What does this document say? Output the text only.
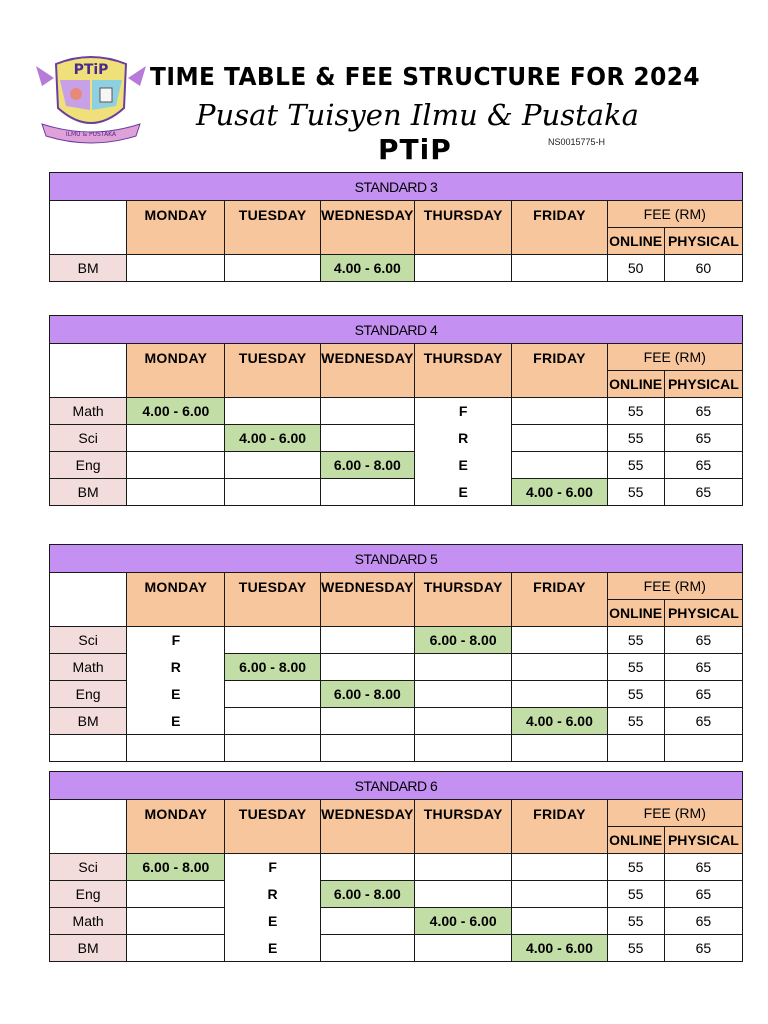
PTiP
ILMU & PUSTAKA
TIME TABLE & FEE STRUCTURE FOR 2024
Pusat Tuisyen Ilmu & Pustaka
PTiP	NS0015775-H
STANDARD 3							
	MONDAY	TUESDAY	WEDNESDAY	THURSDAY	FRIDAY	FEE (RM)	
						ONLINE	PHYSICAL
BM			4.00 - 6.00			50	60
STANDARD 4							
	MONDAY	TUESDAY	WEDNESDAY	THURSDAY	FRIDAY	FEE (RM)	
						ONLINE	PHYSICAL
Math	4.00 - 6.00			F		55	65
Sci		4.00 - 6.00		R		55	65
Eng			6.00 - 8.00	E		55	65
BM				E	4.00 - 6.00	55	65
STANDARD 5							
	MONDAY	TUESDAY	WEDNESDAY	THURSDAY	FRIDAY	FEE (RM)	
						ONLINE	PHYSICAL
Sci	F			6.00 - 8.00		55	65
Math	R	6.00 - 8.00				55	65
Eng	E		6.00 - 8.00			55	65
BM	E				4.00 - 6.00	55	65

STANDARD 6							
	MONDAY	TUESDAY	WEDNESDAY	THURSDAY	FRIDAY	FEE (RM)	
						ONLINE	PHYSICAL
Sci	6.00 - 8.00	F				55	65
Eng		R	6.00 - 8.00			55	65
Math		E		4.00 - 6.00		55	65
BM		E			4.00 - 6.00	55	65
